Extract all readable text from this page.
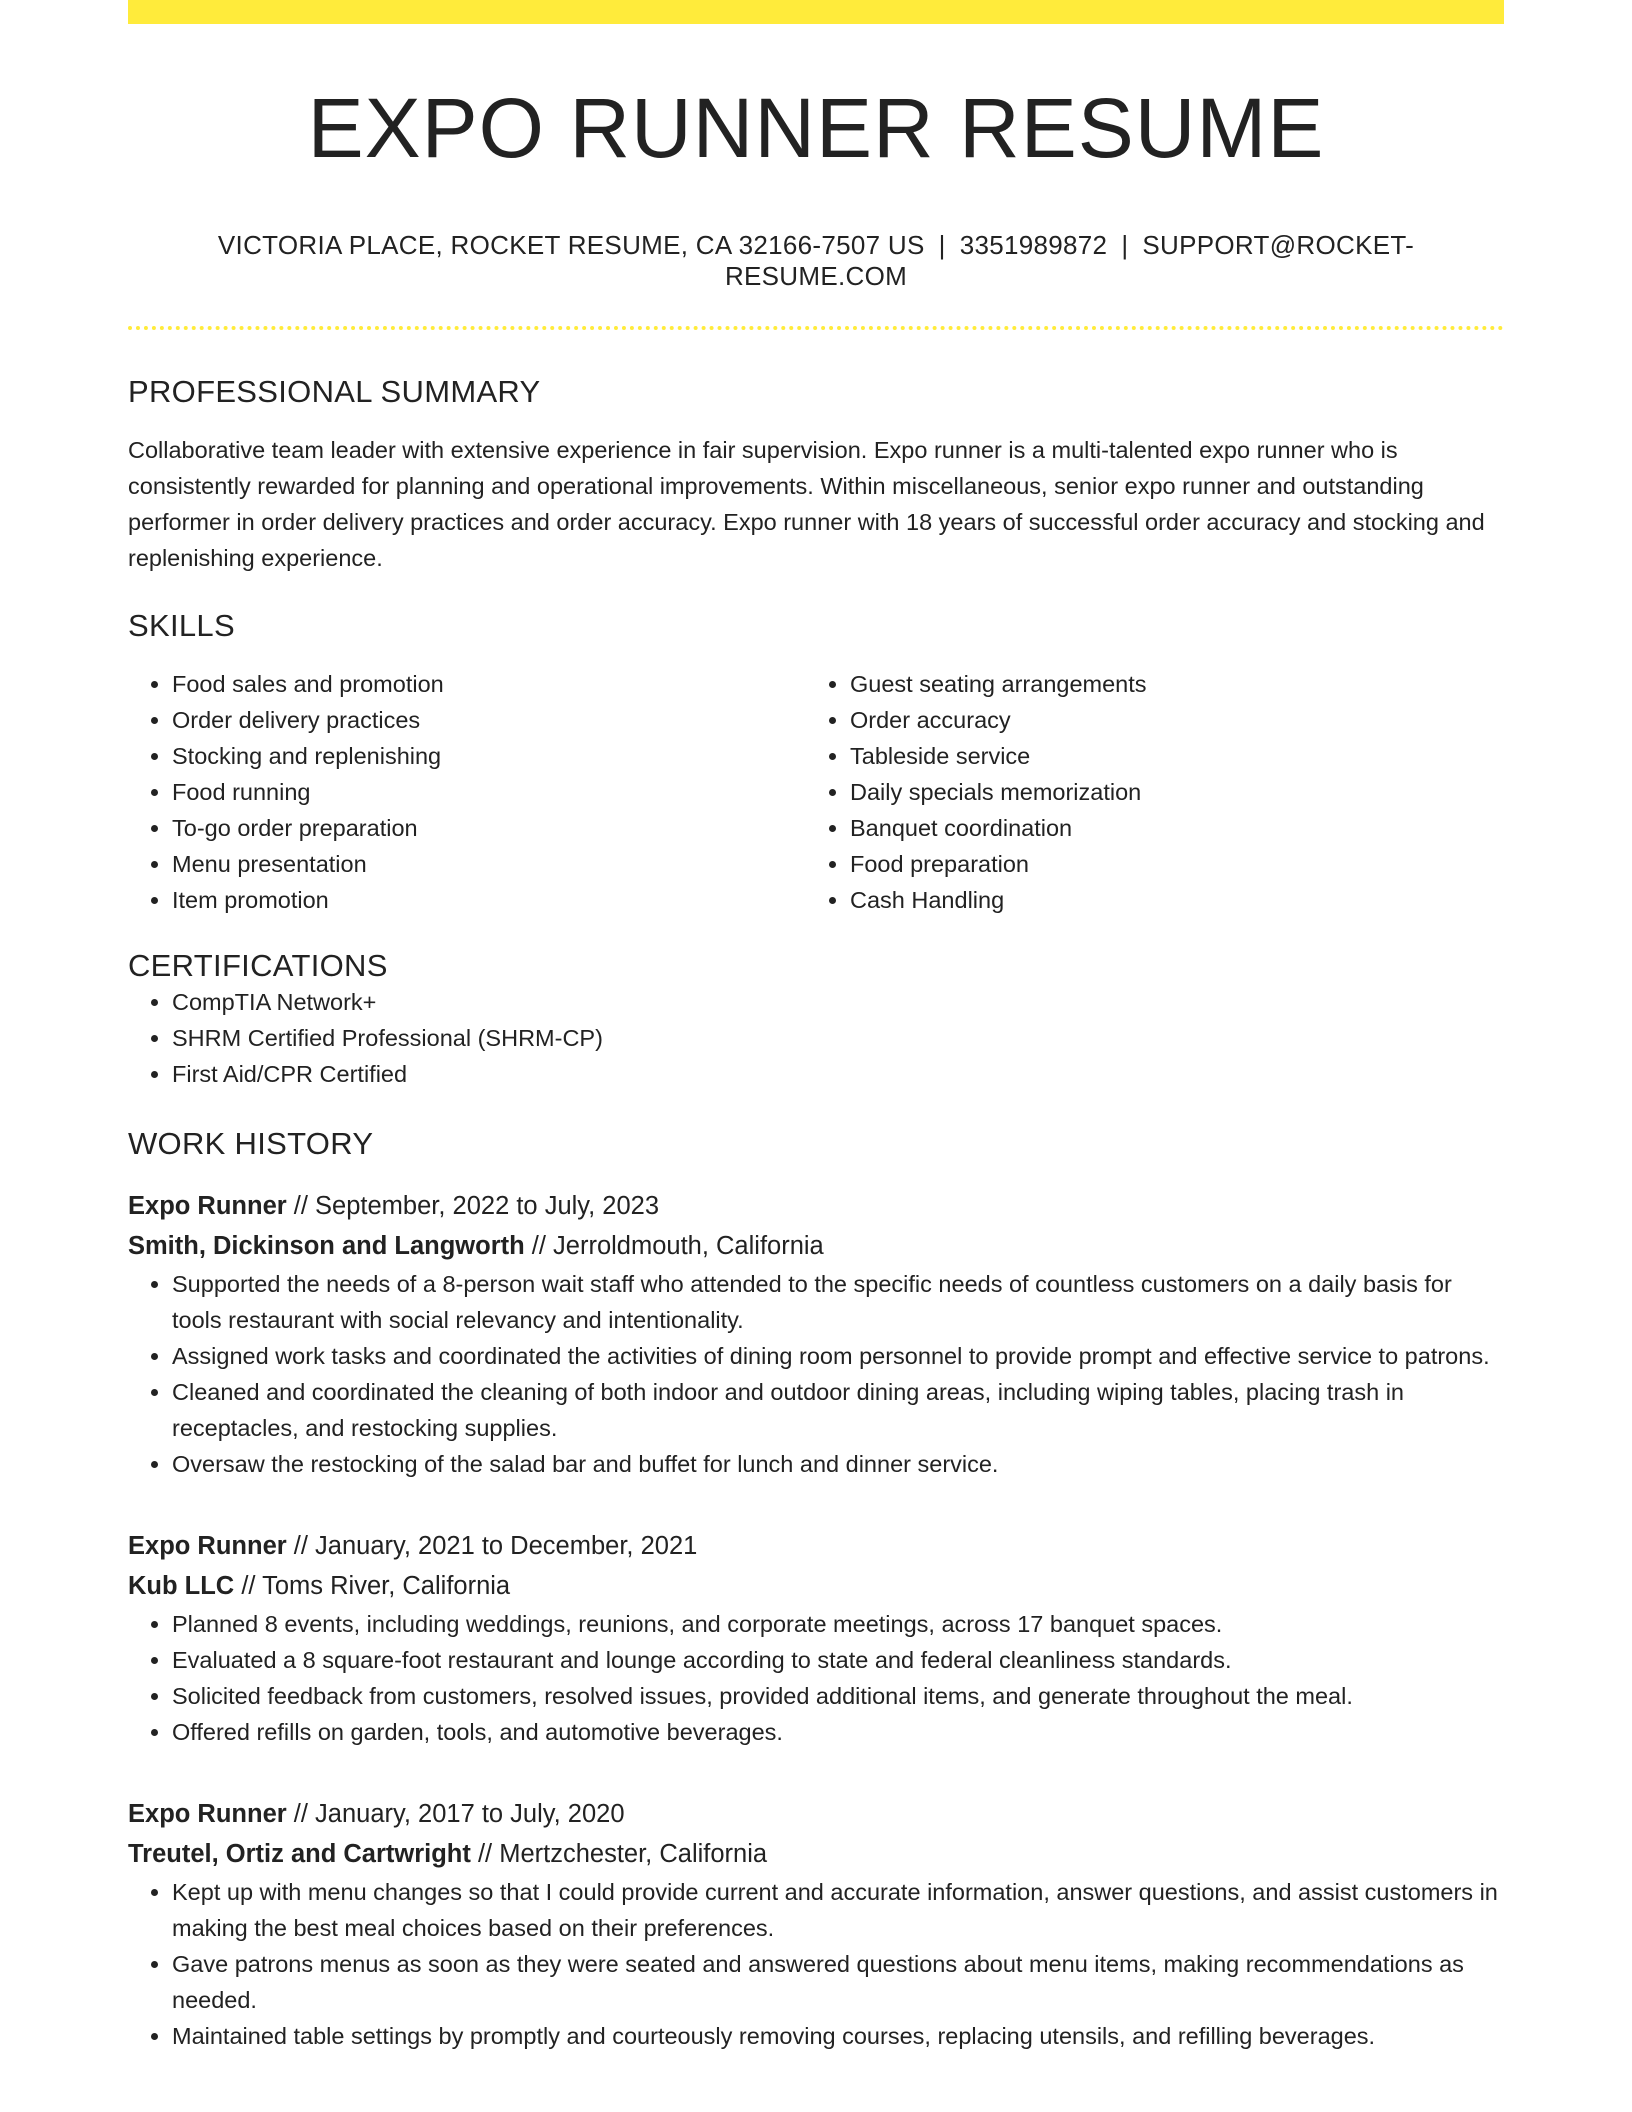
EXPO RUNNER RESUME
VICTORIA PLACE, ROCKET RESUME, CA 32166-7507 US | 3351989872 | SUPPORT@ROCKET-RESUME.COM
PROFESSIONAL SUMMARY

Collaborative team leader with extensive experience in fair supervision. Expo runner is a multi-talented expo runner who is consistently rewarded for planning and operational improvements. Within miscellaneous, senior expo runner and outstanding performer in order delivery practices and order accuracy. Expo runner with 18 years of successful order accuracy and stocking and replenishing experience.

SKILLS
• Food sales and promotion
• Order delivery practices
• Stocking and replenishing
• Food running
• To-go order preparation
• Menu presentation
• Item promotion
• Guest seating arrangements
• Order accuracy
• Tableside service
• Daily specials memorization
• Banquet coordination
• Food preparation
• Cash Handling
CERTIFICATIONS
• CompTIA Network+
• SHRM Certified Professional (SHRM-CP)
• First Aid/CPR Certified
WORK HISTORY
Expo Runner // September, 2022 to July, 2023
Smith, Dickinson and Langworth // Jerroldmouth, California
• Supported the needs of a 8-person wait staff who attended to the specific needs of countless customers on a daily basis for tools restaurant with social relevancy and intentionality.
• Assigned work tasks and coordinated the activities of dining room personnel to provide prompt and effective service to patrons.
• Cleaned and coordinated the cleaning of both indoor and outdoor dining areas, including wiping tables, placing trash in receptacles, and restocking supplies.
• Oversaw the restocking of the salad bar and buffet for lunch and dinner service.
Expo Runner // January, 2021 to December, 2021
Kub LLC // Toms River, California
• Planned 8 events, including weddings, reunions, and corporate meetings, across 17 banquet spaces.
• Evaluated a 8 square-foot restaurant and lounge according to state and federal cleanliness standards.
• Solicited feedback from customers, resolved issues, provided additional items, and generate throughout the meal.
• Offered refills on garden, tools, and automotive beverages.
Expo Runner // January, 2017 to July, 2020
Treutel, Ortiz and Cartwright // Mertzchester, California
• Kept up with menu changes so that I could provide current and accurate information, answer questions, and assist customers in making the best meal choices based on their preferences.
• Gave patrons menus as soon as they were seated and answered questions about menu items, making recommendations as needed.
• Maintained table settings by promptly and courteously removing courses, replacing utensils, and refilling beverages.
